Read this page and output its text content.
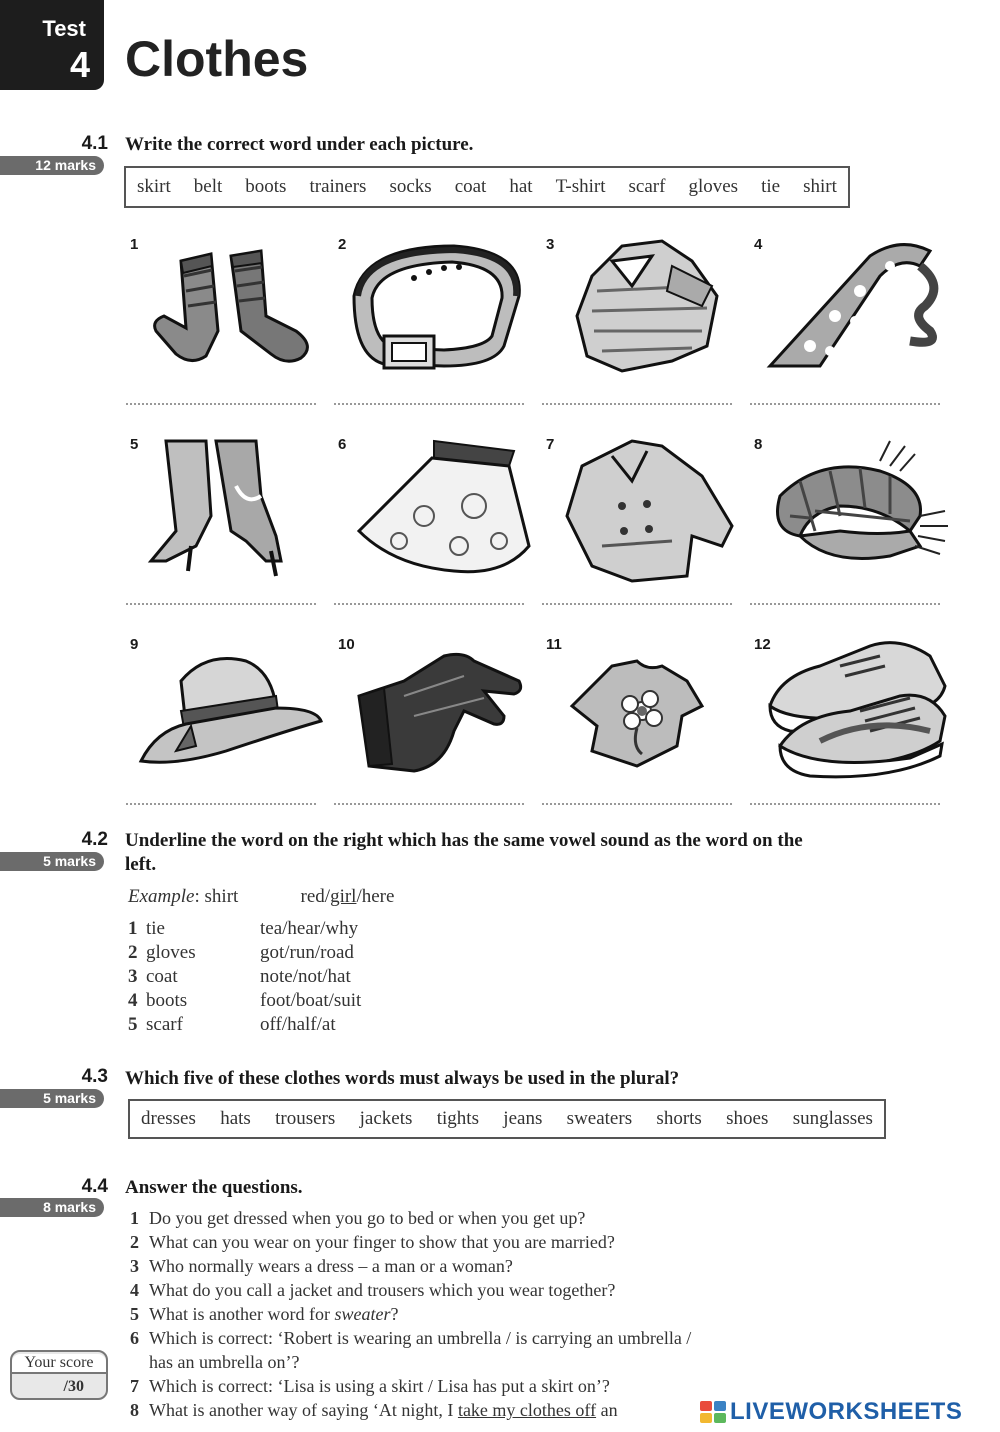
Test
4 Clothes
4.1
12 marks
Write the correct word under each picture.
skirt belt boots trainers socks coat hat T-shirt scarf gloves tie shirt
1	2	3	4
5	6	7	8
9	10	11	12
4.2
5 marks
Underline the word on the right which has the same vowel sound as the word on the
left.
Example: shirt	red/girl/here
1 tie	tea/hear/why
2 gloves	got/run/road
3 coat	note/not/hat
4 boots	foot/boat/suit
5 scarf	off/half/at
4.3
5 marks
Which five of these clothes words must always be used in the plural?
dresses hats trousers jackets tights jeans sweaters shorts shoes sunglasses
4.4
8 marks
Answer the questions.
1 Do you get dressed when you go to bed or when you get up?
2 What can you wear on your finger to show that you are married?
3 Who normally wears a dress – a man or a woman?
4 What do you call a jacket and trousers which you wear together?
5 What is another word for sweater?
6 Which is correct: ‘Robert is wearing an umbrella / is carrying an umbrella /
has an umbrella on’?
7 Which is correct: ‘Lisa is using a skirt / Lisa has put a skirt on’?
8 What is another way of saying ‘At night, I take my clothes off an
Your score
/30
LIVEWORKSHEETS
